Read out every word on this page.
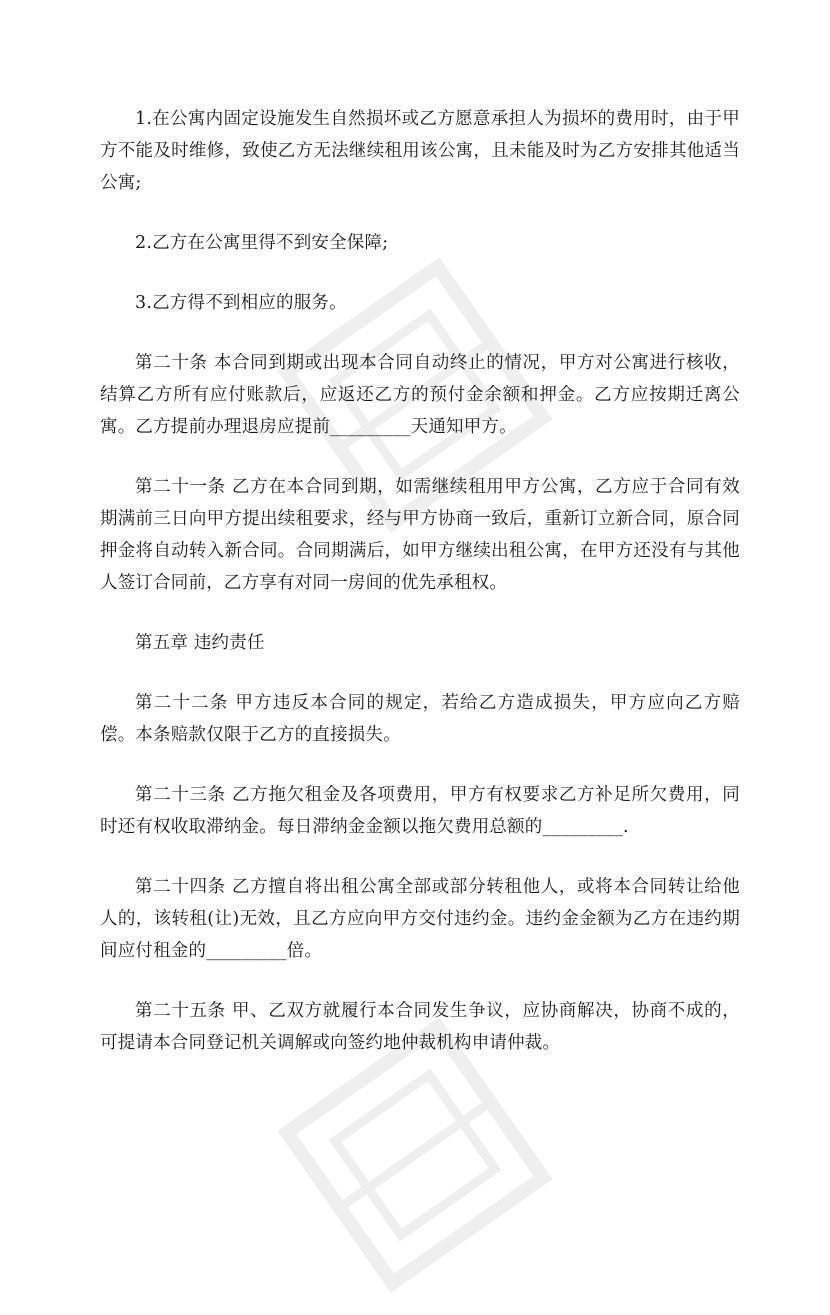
1.在公寓内固定设施发生自然损坏或乙方愿意承担人为损坏的费用时，由于甲方不能及时维修，致使乙方无法继续租用该公寓，且未能及时为乙方安排其他适当公寓;

2.乙方在公寓里得不到安全保障;

3.乙方得不到相应的服务。

第二十条 本合同到期或出现本合同自动终止的情况，甲方对公寓进行核收，结算乙方所有应付账款后，应返还乙方的预付金余额和押金。乙方应按期迁离公寓。乙方提前办理退房应提前_________天通知甲方。

第二十一条 乙方在本合同到期，如需继续租用甲方公寓，乙方应于合同有效期满前三日向甲方提出续租要求，经与甲方协商一致后，重新订立新合同，原合同押金将自动转入新合同。合同期满后，如甲方继续出租公寓，在甲方还没有与其他人签订合同前，乙方享有对同一房间的优先承租权。

第五章 违约责任

第二十二条 甲方违反本合同的规定，若给乙方造成损失，甲方应向乙方赔偿。本条赔款仅限于乙方的直接损失。

第二十三条 乙方拖欠租金及各项费用，甲方有权要求乙方补足所欠费用，同时还有权收取滞纳金。每日滞纳金金额以拖欠费用总额的_________.

第二十四条 乙方擅自将出租公寓全部或部分转租他人，或将本合同转让给他人的，该转租(让)无效，且乙方应向甲方交付违约金。违约金金额为乙方在违约期间应付租金的_________倍。

第二十五条 甲、乙双方就履行本合同发生争议，应协商解决，协商不成的，可提请本合同登记机关调解或向签约地仲裁机构申请仲裁。
